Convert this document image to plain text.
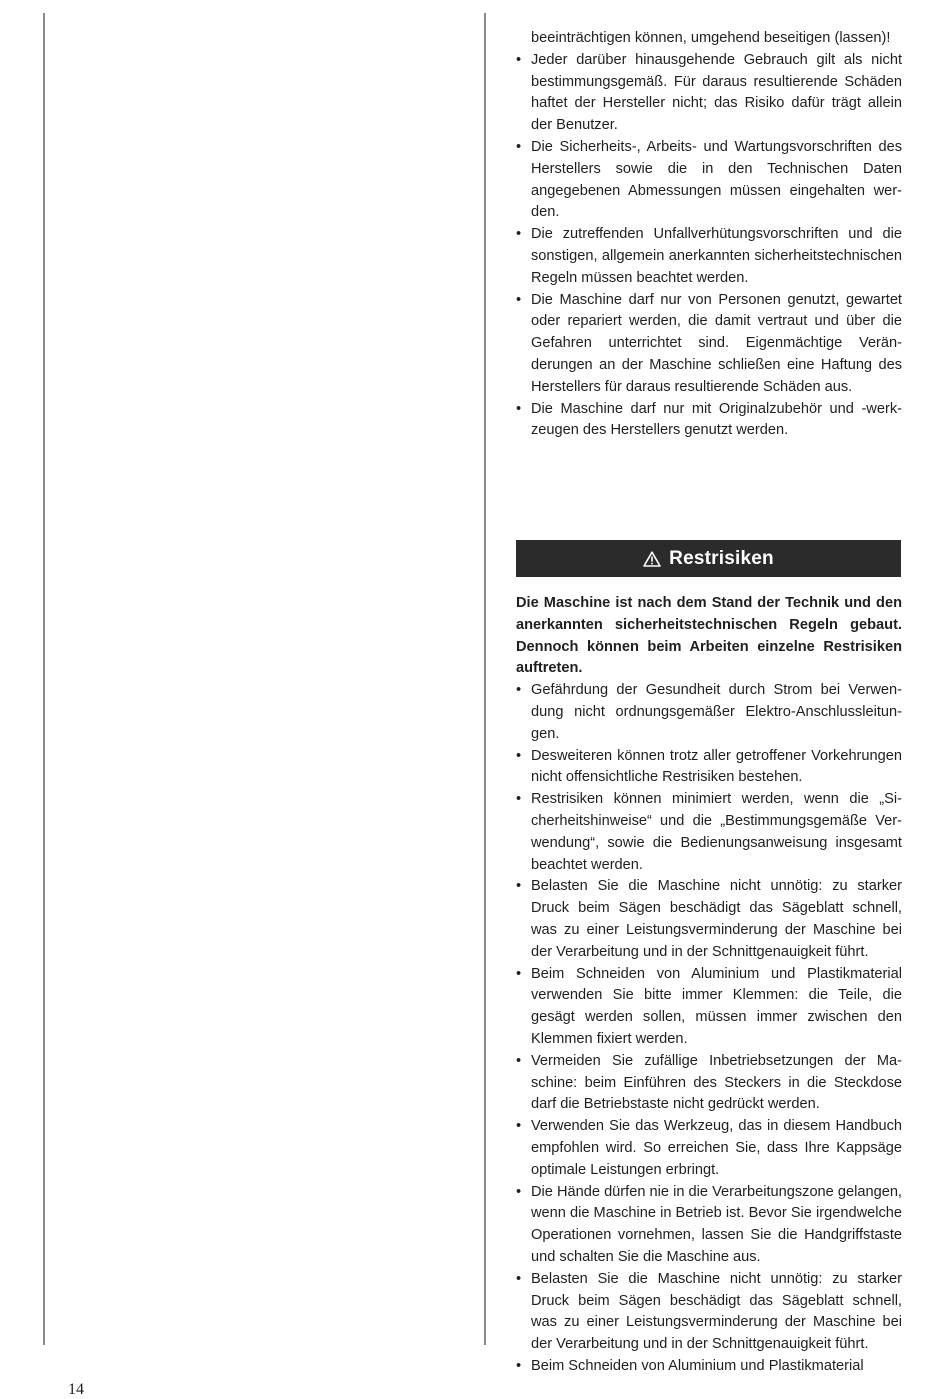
beeinträchtigen können, umgehend beseitigen (lassen)!

• Jeder darüber hinausgehende Gebrauch gilt als nicht bestimmungsgemäß. Für daraus resultierende Schäden haftet der Hersteller nicht; das Risiko dafür trägt allein der Benutzer.
• Die Sicherheits-, Arbeits- und Wartungsvorschriften des Herstellers sowie die in den Technischen Daten angegebenen Abmessungen müssen eingehalten werden.
• Die zutreffenden Unfallverhütungsvorschriften und die sonstigen, allgemein anerkannten sicherheitstechnischen Regeln müssen beachtet werden.
• Die Maschine darf nur von Personen genutzt, gewartet oder repariert werden, die damit vertraut und über die Gefahren unterrichtet sind. Eigenmächtige Veränderungen an der Maschine schließen eine Haftung des Herstellers für daraus resultierende Schäden aus.
• Die Maschine darf nur mit Originalzubehör und -werkzeugen des Herstellers genutzt werden.
Restrisiken

Die Maschine ist nach dem Stand der Technik und den anerkannten sicherheitstechnischen Regeln gebaut. Dennoch können beim Arbeiten einzelne Restrisiken auftreten.

• Gefährdung der Gesundheit durch Strom bei Verwendung nicht ordnungsgemäßer Elektro-Anschlussleitungen.
• Desweiteren können trotz aller getroffener Vorkehrungen nicht offensichtliche Restrisiken bestehen.
• Restrisiken können minimiert werden, wenn die „Sicherheitshinweise“ und die „Bestimmungsgemäße Verwendung“, sowie die Bedienungsanweisung insgesamt beachtet werden.
• Belasten Sie die Maschine nicht unnötig: zu starker Druck beim Sägen beschädigt das Sägeblatt schnell, was zu einer Leistungsverminderung der Maschine bei der Verarbeitung und in der Schnittgenauigkeit führt.
• Beim Schneiden von Aluminium und Plastikmaterial verwenden Sie bitte immer Klemmen: die Teile, die gesägt werden sollen, müssen immer zwischen den Klemmen fixiert werden.
• Vermeiden Sie zufällige Inbetriebsetzungen der Maschine: beim Einführen des Steckers in die Steckdose darf die Betriebstaste nicht gedrückt werden.
• Verwenden Sie das Werkzeug, das in diesem Handbuch empfohlen wird. So erreichen Sie, dass Ihre Kappsäge optimale Leistungen erbringt.
• Die Hände dürfen nie in die Verarbeitungszone gelangen, wenn die Maschine in Betrieb ist. Bevor Sie irgendwelche Operationen vornehmen, lassen Sie die Handgriffstaste und schalten Sie die Maschine aus.
• Belasten Sie die Maschine nicht unnötig: zu starker Druck beim Sägen beschädigt das Sägeblatt schnell, was zu einer Leistungsverminderung der Maschine bei der Verarbeitung und in der Schnittgenauigkeit führt.
• Beim Schneiden von Aluminium und Plastikmaterial
14
